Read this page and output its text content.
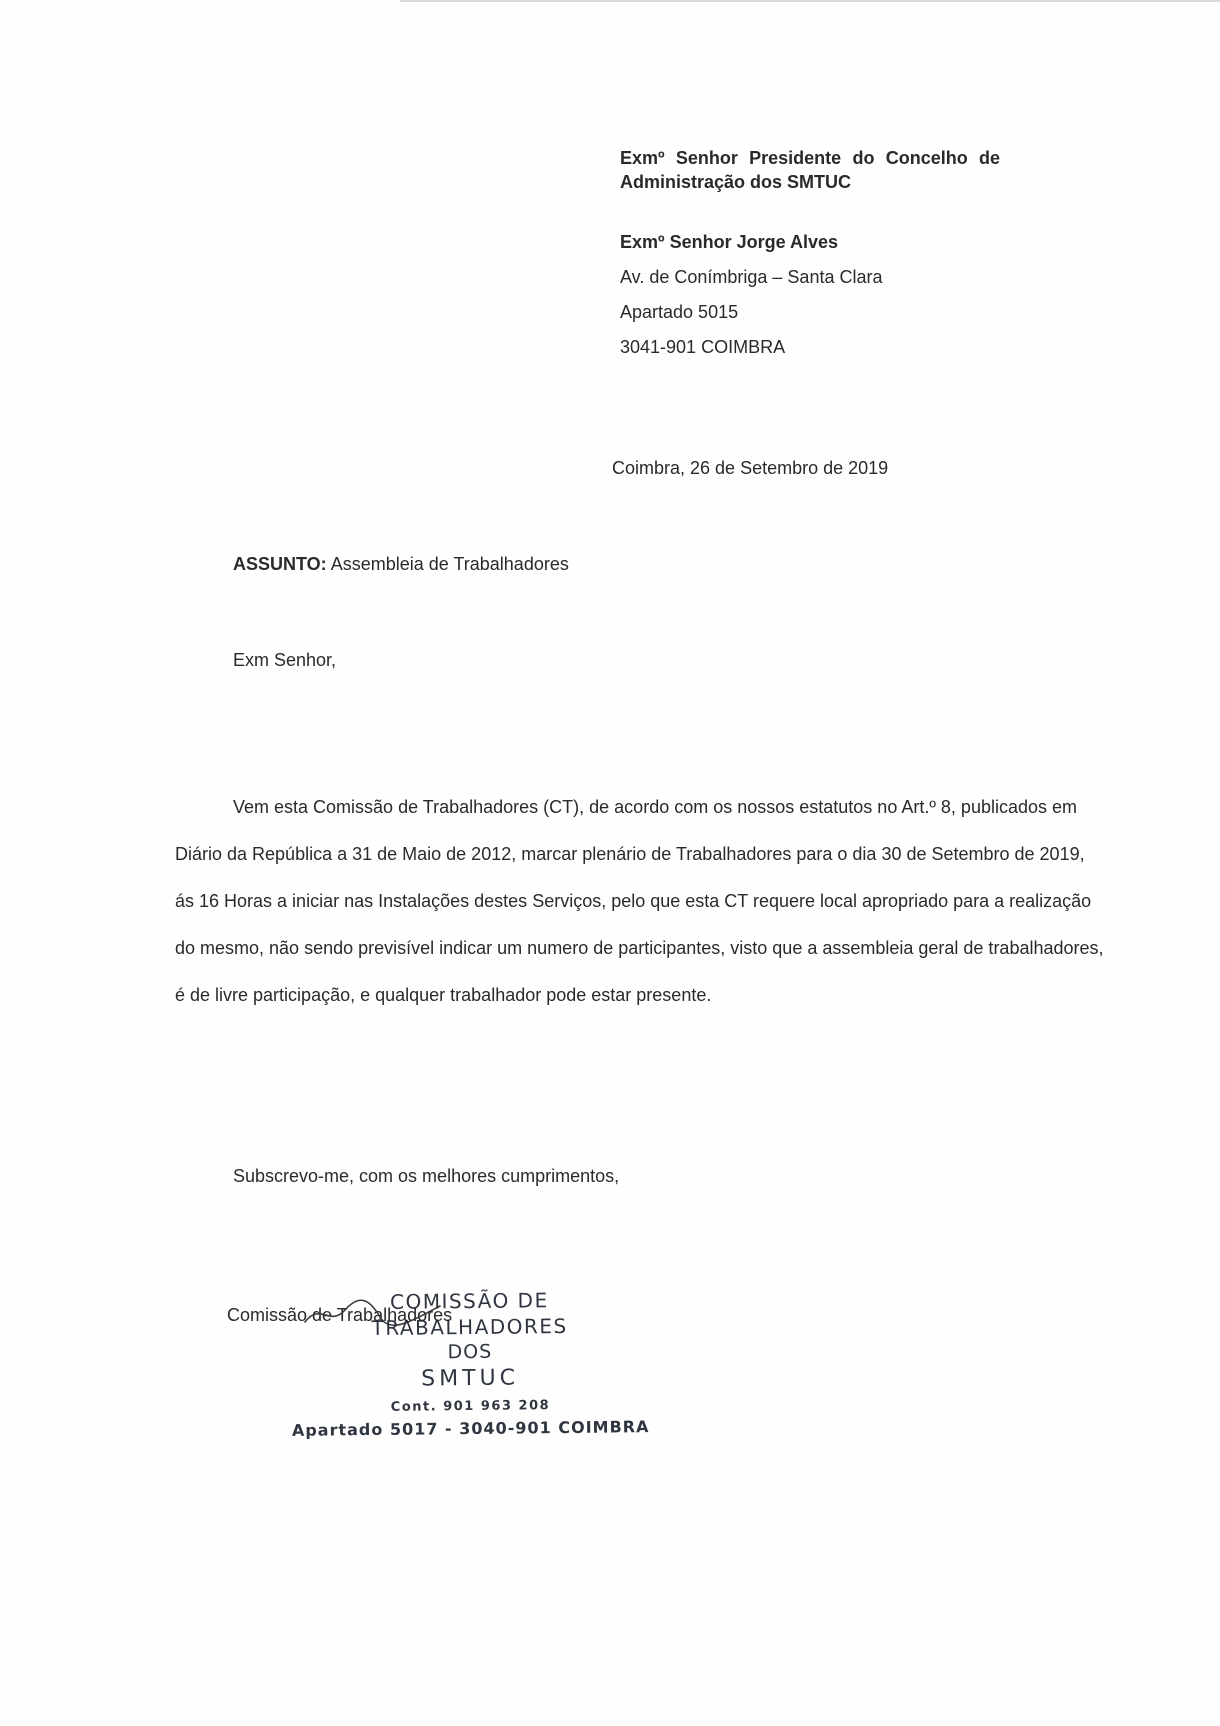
Exmº Senhor Presidente do Concelho de
Administração dos SMTUC
Exmº Senhor Jorge Alves
Av. de Conímbriga – Santa Clara
Apartado 5015
3041-901 COIMBRA
Coimbra, 26 de Setembro de 2019
ASSUNTO: Assembleia de Trabalhadores
Exm Senhor,
Vem esta Comissão de Trabalhadores (CT), de acordo com os nossos estatutos no Art.º 8, publicados em
Diário da República a 31 de Maio de 2012, marcar plenário de Trabalhadores para o dia 30 de Setembro de 2019,
ás 16 Horas a iniciar nas Instalações destes Serviços, pelo que esta CT requere local apropriado para a realização
do mesmo, não sendo previsível indicar um numero de participantes, visto que a assembleia geral de trabalhadores,
é de livre participação, e qualquer trabalhador pode estar presente.
Subscrevo-me, com os melhores cumprimentos,
Comissão de Trabalhadores
COMISSÃO DE TRABALHADORES
DOS
SMTUC
Cont. 901 963 208
Apartado 5017 - 3040-901 COIMBRA
